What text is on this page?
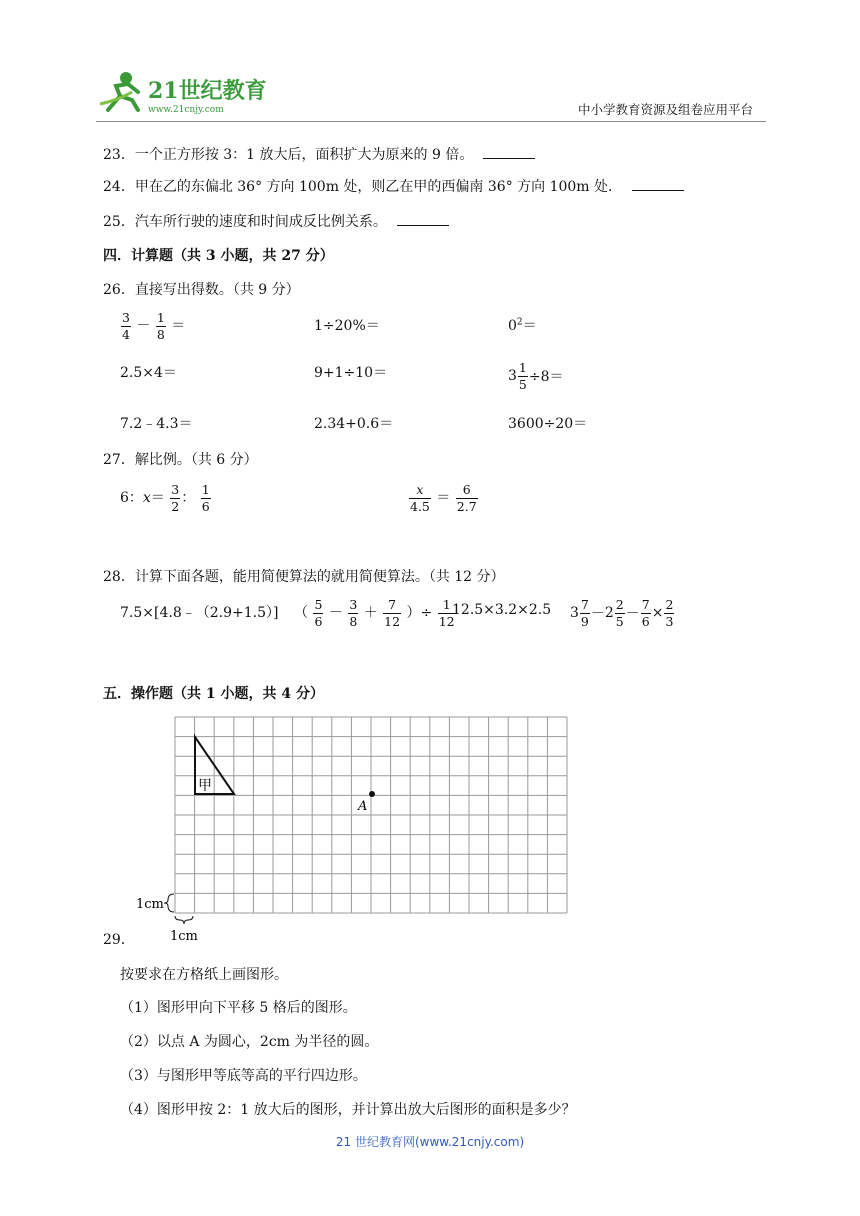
21世纪教育
www.21cnjy.com	中小学教育资源及组卷应用平台
23．一个正方形按 3：1 放大后，面积扩大为原来的 9 倍。
24．甲在乙的东偏北 36° 方向 100m 处，则乙在甲的西偏南 36° 方向 100m 处．
25．汽车所行驶的速度和时间成反比例关系。
四．计算题（共 3 小题，共 27 分）
26．直接写出得数。（共 9 分）
$\frac{3}{4} - \frac{1}{8}$ ＝	1÷20%＝	$0^2=$
2.5×4＝	9+1÷10＝	$3 \frac{1}{5} \div 8=$
7.2﹣4.3＝	2.34+0.6＝	3600÷20＝
27．解比例。（共 6 分）
6：$x= \frac{3}{2}$ ： $\frac{1}{6}$	$\frac{x}{4.5} = \frac{6}{2.7}$
28．计算下面各题，能用简便算法的就用简便算法。（共 12 分）
7.5×[4.8﹣（2.9+1.5）] （ $\frac{5}{6} - \frac{3}{8} + \frac{7}{12}$ ）÷ $\frac{1}{12}$
12.5×3.2×2.5 $3 \frac{7}{9} - 2 \frac{2}{5} - \frac{7}{6} \times \frac{2}{3}$
五．操作题（共 1 小题，共 4 分）
甲
A
1cm
1cm
29．
按要求在方格纸上画图形。
（1）图形甲向下平移 5 格后的图形。
（2）以点 A 为圆心，2cm 为半径的圆。
（3）与图形甲等底等高的平行四边形。
（4）图形甲按 2：1 放大后的图形，并计算出放大后图形的面积是多少？
21 世纪教育网(www.21cnjy.com)
